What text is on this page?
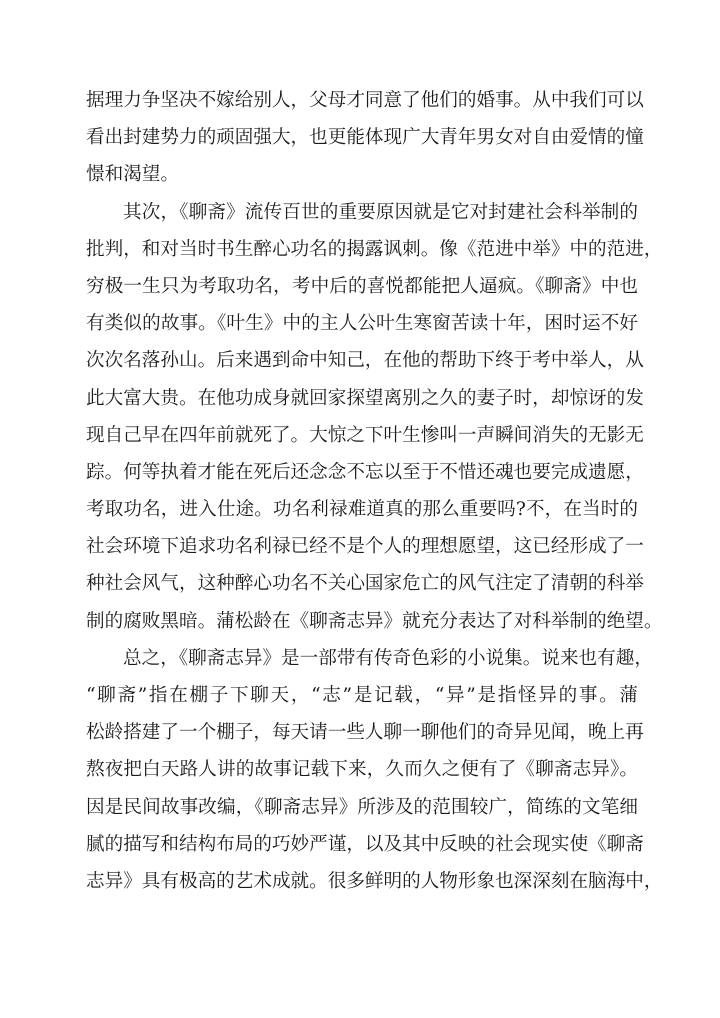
据理力争坚决不嫁给别人，父母才同意了他们的婚事。从中我们可以
看出封建势力的顽固强大，也更能体现广大青年男女对自由爱情的憧
憬和渴望。
其次，《聊斋》流传百世的重要原因就是它对封建社会科举制的
批判，和对当时书生醉心功名的揭露讽刺。像《范进中举》中的范进，
穷极一生只为考取功名，考中后的喜悦都能把人逼疯。《聊斋》中也
有类似的故事。《叶生》中的主人公叶生寒窗苦读十年，困时运不好
次次名落孙山。后来遇到命中知己，在他的帮助下终于考中举人，从
此大富大贵。在他功成身就回家探望离别之久的妻子时，却惊讶的发
现自己早在四年前就死了。大惊之下叶生惨叫一声瞬间消失的无影无
踪。何等执着才能在死后还念念不忘以至于不惜还魂也要完成遗愿，
考取功名，进入仕途。功名利禄难道真的那么重要吗?不，在当时的
社会环境下追求功名利禄已经不是个人的理想愿望，这已经形成了一
种社会风气，这种醉心功名不关心国家危亡的风气注定了清朝的科举
制的腐败黑暗。蒲松龄在《聊斋志异》就充分表达了对科举制的绝望。
总之，《聊斋志异》是一部带有传奇色彩的小说集。说来也有趣，
“聊斋”指在棚子下聊天，“志”是记载，“异”是指怪异的事。蒲
松龄搭建了一个棚子，每天请一些人聊一聊他们的奇异见闻，晚上再
熬夜把白天路人讲的故事记载下来，久而久之便有了《聊斋志异》。
因是民间故事改编，《聊斋志异》所涉及的范围较广，简练的文笔细
腻的描写和结构布局的巧妙严谨，以及其中反映的社会现实使《聊斋
志异》具有极高的艺术成就。很多鲜明的人物形象也深深刻在脑海中，
